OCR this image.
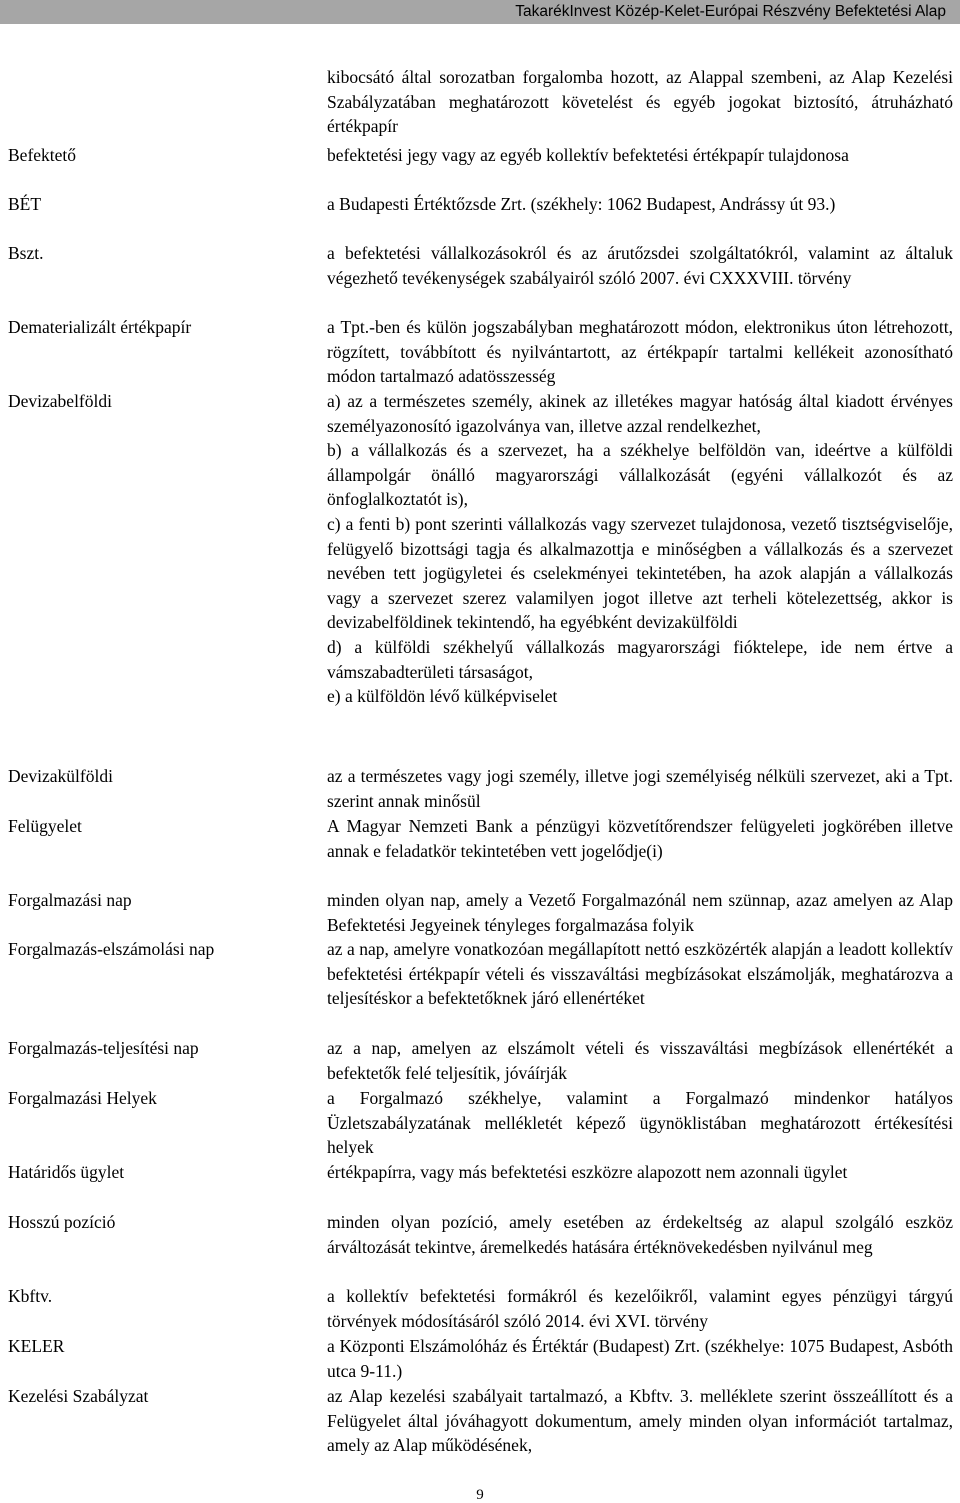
TakarékInvest Közép-Kelet-Európai Részvény Befektetési Alap
kibocsátó által sorozatban forgalomba hozott, az Alappal szembeni, az Alap Kezelési Szabályzatában meghatározott követelést és egyéb jogokat biztosító, átruházható értékpapír
Befektető
BÉT
Bszt.
Dematerializált értékpapír
Devizabelföldi
Devizakülföldi
Felügyelet
Forgalmazási nap
Forgalmazás-elszámolási nap
Forgalmazás-teljesítési nap
Forgalmazási Helyek
Határidős ügylet
Hosszú pozíció
Kbftv.
KELER
Kezelési Szabályzat
befektetési jegy vagy az egyéb kollektív befektetési értékpapír tulajdonosa
a Budapesti Értéktőzsde Zrt. (székhely: 1062 Budapest, Andrássy út 93.)
a befektetési vállalkozásokról és az árutőzsdei szolgáltatókról, valamint az általuk végezhető tevékenységek szabályairól szóló 2007. évi CXXXVIII. törvény
a Tpt.-ben és külön jogszabályban meghatározott módon, elektronikus úton létrehozott, rögzített, továbbított és nyilvántartott, az értékpapír tartalmi kellékeit azonosítható módon tartalmazó adatösszesség
a) az a természetes személy, akinek az illetékes magyar hatóság által kiadott érvényes személyazonosító igazolványa van, illetve azzal rendelkezhet,
b) a vállalkozás és a szervezet, ha a székhelye belföldön van, ideértve a külföldi állampolgár önálló magyarországi vállalkozását (egyéni vállalkozót és az önfoglalkoztatót is),
c) a fenti b) pont szerinti vállalkozás vagy szervezet tulajdonosa, vezető tisztségviselője, felügyelő bizottsági tagja és alkalmazottja e minőségben a vállalkozás és a szervezet nevében tett jogügyletei és cselekményei tekintetében, ha azok alapján a vállalkozás vagy a szervezet szerez valamilyen jogot illetve azt terheli kötelezettség, akkor is devizabelföldinek tekintendő, ha egyébként devizakülföldi
d) a külföldi székhelyű vállalkozás magyarországi fióktelepe, ide nem értve a vámszabadterületi társaságot,
e) a külföldön lévő külképviselet
az a természetes vagy jogi személy, illetve jogi személyiség nélküli szervezet, aki a Tpt. szerint annak minősül
A Magyar Nemzeti Bank a pénzügyi közvetítőrendszer felügyeleti jogkörében illetve annak e feladatkör tekintetében vett jogelődje(i)
minden olyan nap, amely a Vezető Forgalmazónál nem szünnap, azaz amelyen az Alap Befektetési Jegyeinek tényleges forgalmazása folyik
az a nap, amelyre vonatkozóan megállapított nettó eszközérték alapján a leadott kollektív befektetési értékpapír vételi és visszaváltási megbízásokat elszámolják, meghatározva a teljesítéskor a befektetőknek járó ellenértéket
az a nap, amelyen az elszámolt vételi és visszaváltási megbízások ellenértékét a befektetők felé teljesítik, jóváírják
a Forgalmazó székhelye, valamint a Forgalmazó mindenkor hatályos Üzletszabályzatának mellékletét képező ügynöklistában meghatározott értékesítési helyek
értékpapírra, vagy más befektetési eszközre alapozott nem azonnali ügylet
minden olyan pozíció, amely esetében az érdekeltség az alapul szolgáló eszköz árváltozását tekintve, áremelkedés hatására értéknövekedésben nyilvánul meg
a kollektív befektetési formákról és kezelőikről, valamint egyes pénzügyi tárgyú törvények módosításáról szóló 2014. évi XVI. törvény
a Központi Elszámolóház és Értéktár (Budapest) Zrt. (székhelye: 1075 Budapest, Asbóth utca 9-11.)
az Alap kezelési szabályait tartalmazó, a Kbftv. 3. melléklete szerint összeállított és a Felügyelet által jóváhagyott dokumentum, amely minden olyan információt tartalmaz, amely az Alap működésének,
9
